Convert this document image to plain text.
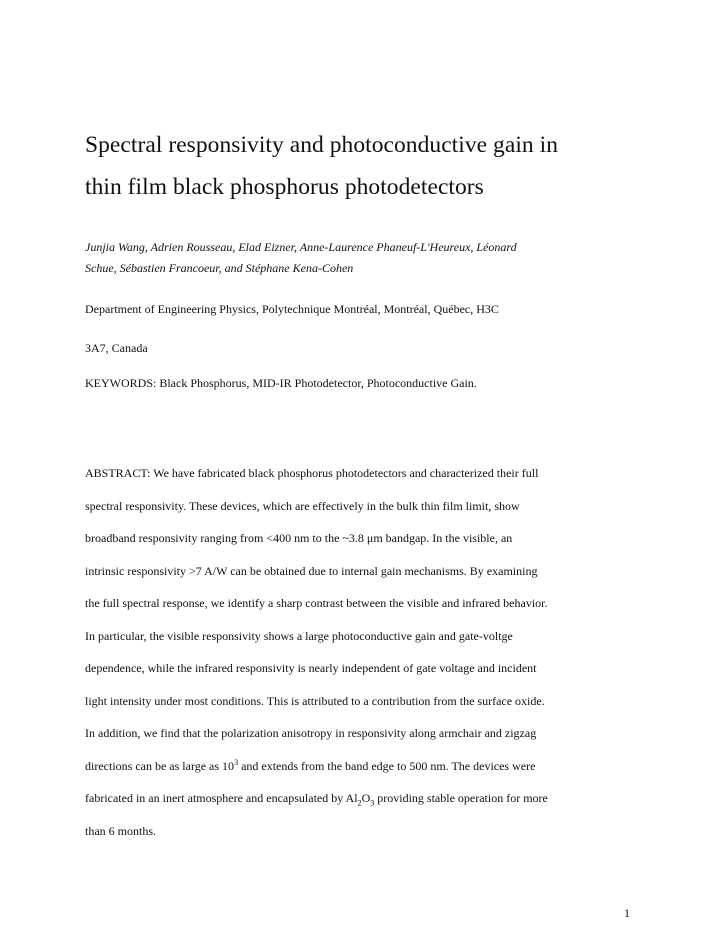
Spectral responsivity and photoconductive gain in
thin film black phosphorus photodetectors
Junjia Wang, Adrien Rousseau, Elad Eizner, Anne-Laurence Phaneuf-L'Heureux, Léonard
Schue, Sébastien Francoeur, and Stéphane Kena-Cohen
Department of Engineering Physics, Polytechnique Montréal, Montréal, Québec, H3C
3A7, Canada
KEYWORDS: Black Phosphorus, MID-IR Photodetector, Photoconductive Gain.
ABSTRACT: We have fabricated black phosphorus photodetectors and characterized their full
spectral responsivity. These devices, which are effectively in the bulk thin film limit, show
broadband responsivity ranging from <400 nm to the ~3.8 μm bandgap. In the visible, an
intrinsic responsivity >7 A/W can be obtained due to internal gain mechanisms. By examining
the full spectral response, we identify a sharp contrast between the visible and infrared behavior.
In particular, the visible responsivity shows a large photoconductive gain and gate-voltge
dependence, while the infrared responsivity is nearly independent of gate voltage and incident
light intensity under most conditions. This is attributed to a contribution from the surface oxide.
In addition, we find that the polarization anisotropy in responsivity along armchair and zigzag
directions can be as large as $10^3$ and extends from the band edge to 500 nm. The devices were
fabricated in an inert atmosphere and encapsulated by $Al_2O_3$ providing stable operation for more
than 6 months.
1
